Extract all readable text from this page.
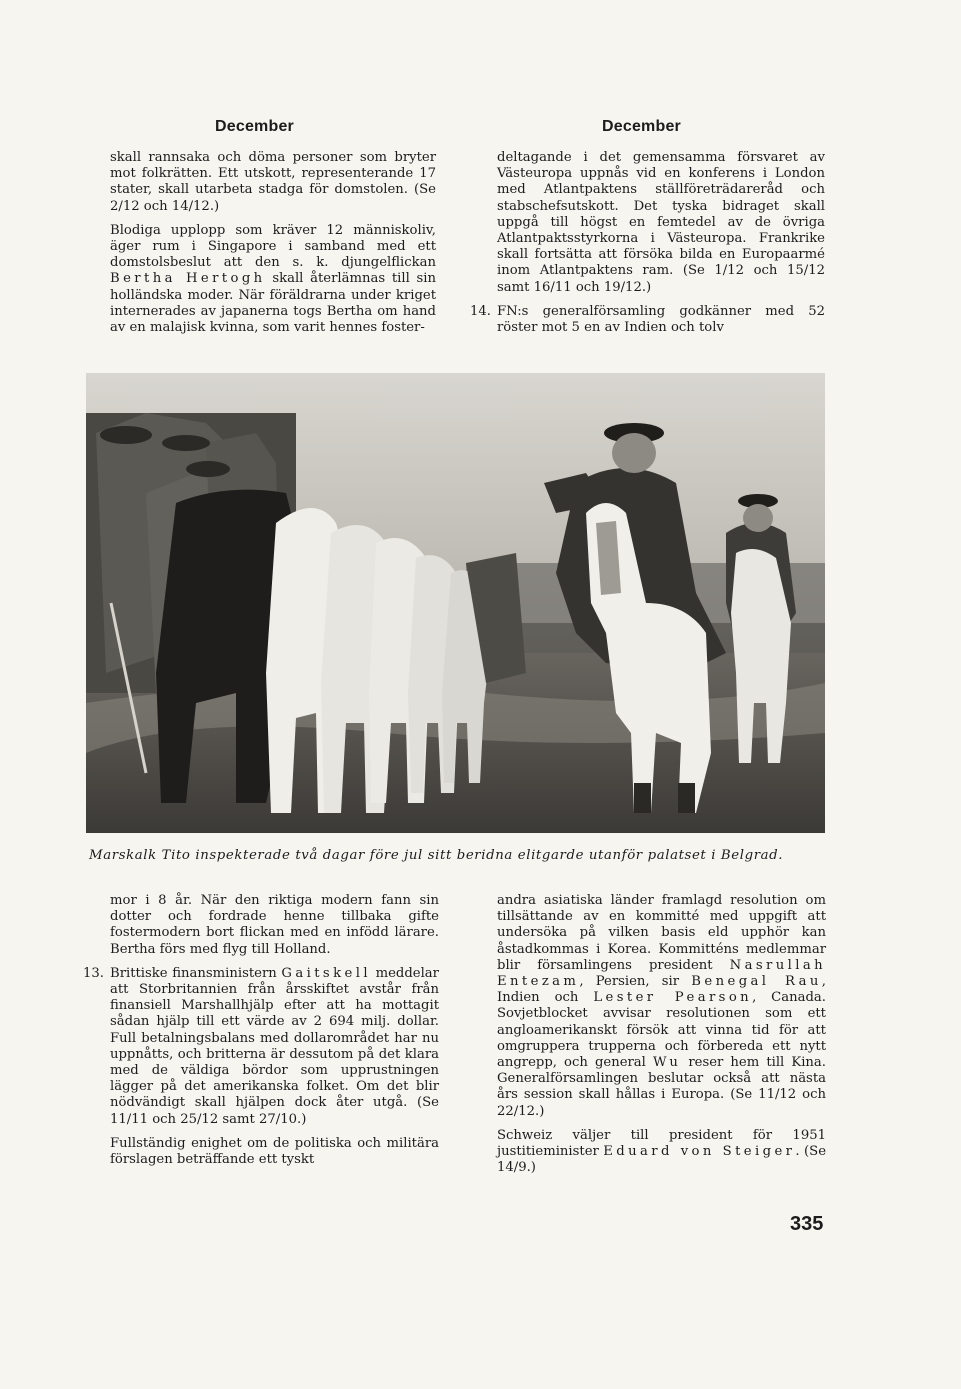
December	December

skall rannsaka och döma personer som bryter mot folkrätten. Ett utskott, representerande 17 stater, skall utarbeta stadga för domstolen. (Se 2/12 och 14/12.)

Blodiga upplopp som kräver 12 människoliv, äger rum i Singapore i samband med ett domstolsbeslut att den s. k. djungelflickan Bertha Hertogh skall återlämnas till sin holländska moder. När föräldrarna under kriget internerades av japanerna togs Bertha om hand av en malajisk kvinna, som varit hennes foster-

deltagande i det gemensamma försvaret av Västeuropa uppnås vid en konferens i London med Atlantpaktens ställföreträdareråd och stabschefsutskott. Det tyska bidraget skall uppgå till högst en femtedel av de övriga Atlantpaktsstyrkorna i Västeuropa. Frankrike skall fortsätta att försöka bilda en Europaarmé inom Atlantpaktens ram. (Se 1/12 och 15/12 samt 16/11 och 19/12.)

14. FN:s generalförsamling godkänner med 52 röster mot 5 en av Indien och tolv

Marskalk Tito inspekterade två dagar före jul sitt beridna elitgarde utanför palatset i Belgrad.

mor i 8 år. När den riktiga modern fann sin dotter och fordrade henne tillbaka gifte fostermodern bort flickan med en infödd lärare. Bertha förs med flyg till Holland.

13. Brittiske finansministern Gaitskell meddelar att Storbritannien från årsskiftet avstår från finansiell Marshallhjälp efter att ha mottagit sådan hjälp till ett värde av 2 694 milj. dollar. Full betalningsbalans med dollarområdet har nu uppnåtts, och britterna är dessutom på det klara med de väldiga bördor som upprustningen lägger på det amerikanska folket. Om det blir nödvändigt skall hjälpen dock åter utgå. (Se 11/11 och 25/12 samt 27/10.)

Fullständig enighet om de politiska och militära förslagen beträffande ett tyskt

andra asiatiska länder framlagd resolution om tillsättande av en kommitté med uppgift att undersöka på vilken basis eld upphör kan åstadkommas i Korea. Kommitténs medlemmar blir församlingens president Nasrullah Entezam, Persien, sir Benegal Rau, Indien och Lester Pearson, Canada. Sovjetblocket avvisar resolutionen som ett angloamerikanskt försök att vinna tid för att omgruppera trupperna och förbereda ett nytt angrepp, och general Wu reser hem till Kina. Generalförsamlingen beslutar också att nästa års session skall hållas i Europa. (Se 11/12 och 22/12.)

Schweiz väljer till president för 1951 justitieminister Eduard von Steiger. (Se 14/9.)

335
